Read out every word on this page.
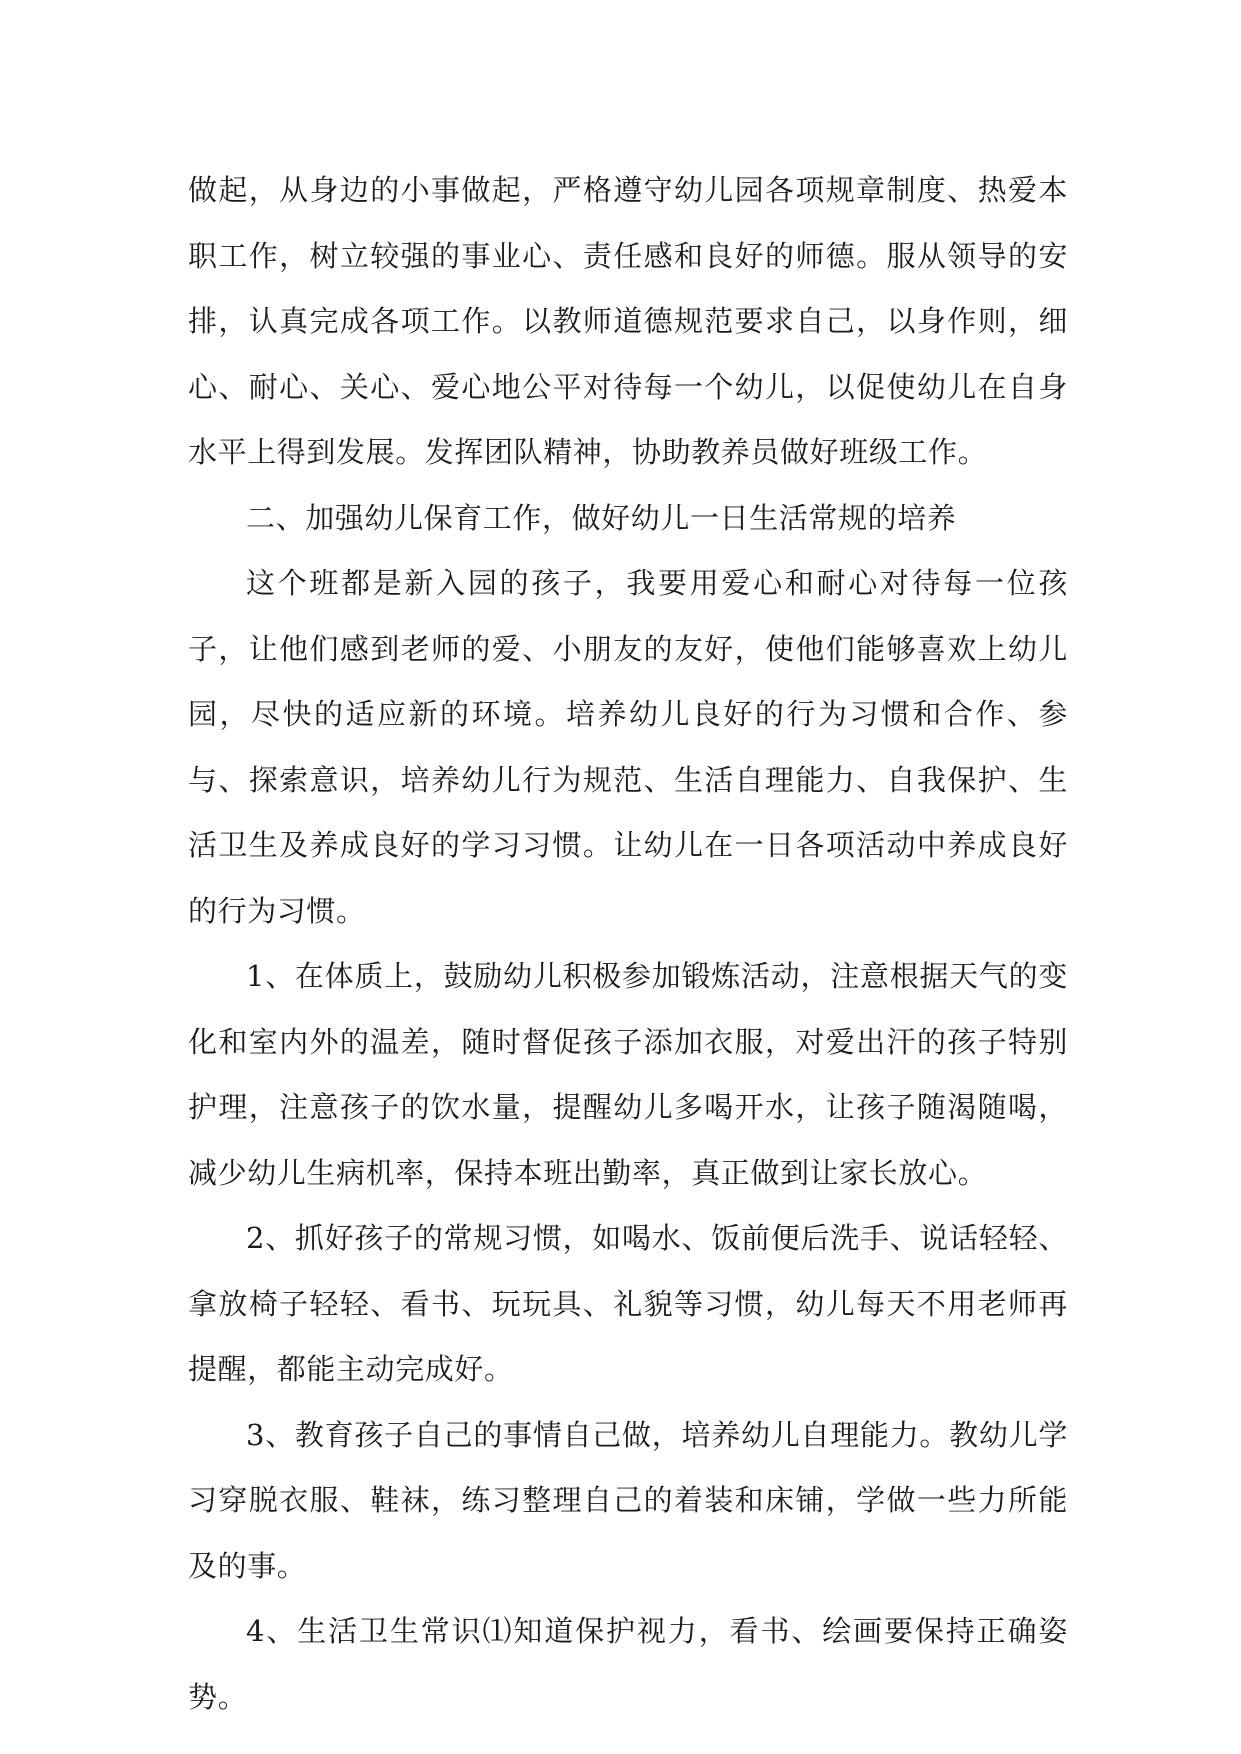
做起，从身边的小事做起，严格遵守幼儿园各项规章制度、热爱本职工作，树立较强的事业心、责任感和良好的师德。服从领导的安排，认真完成各项工作。以教师道德规范要求自己，以身作则，细心、耐心、关心、爱心地公平对待每一个幼儿，以促使幼儿在自身水平上得到发展。发挥团队精神，协助教养员做好班级工作。

二、加强幼儿保育工作，做好幼儿一日生活常规的培养

这个班都是新入园的孩子，我要用爱心和耐心对待每一位孩子，让他们感到老师的爱、小朋友的友好，使他们能够喜欢上幼儿园，尽快的适应新的环境。培养幼儿良好的行为习惯和合作、参与、探索意识，培养幼儿行为规范、生活自理能力、自我保护、生活卫生及养成良好的学习习惯。让幼儿在一日各项活动中养成良好的行为习惯。

1、在体质上，鼓励幼儿积极参加锻炼活动，注意根据天气的变化和室内外的温差，随时督促孩子添加衣服，对爱出汗的孩子特别护理，注意孩子的饮水量，提醒幼儿多喝开水，让孩子随渴随喝，减少幼儿生病机率，保持本班出勤率，真正做到让家长放心。

2、抓好孩子的常规习惯，如喝水、饭前便后洗手、说话轻轻、拿放椅子轻轻、看书、玩玩具、礼貌等习惯，幼儿每天不用老师再提醒，都能主动完成好。

3、教育孩子自己的事情自己做，培养幼儿自理能力。教幼儿学习穿脱衣服、鞋袜，练习整理自己的着装和床铺，学做一些力所能及的事。

4、生活卫生常识⑴知道保护视力，看书、绘画要保持正确姿势。
